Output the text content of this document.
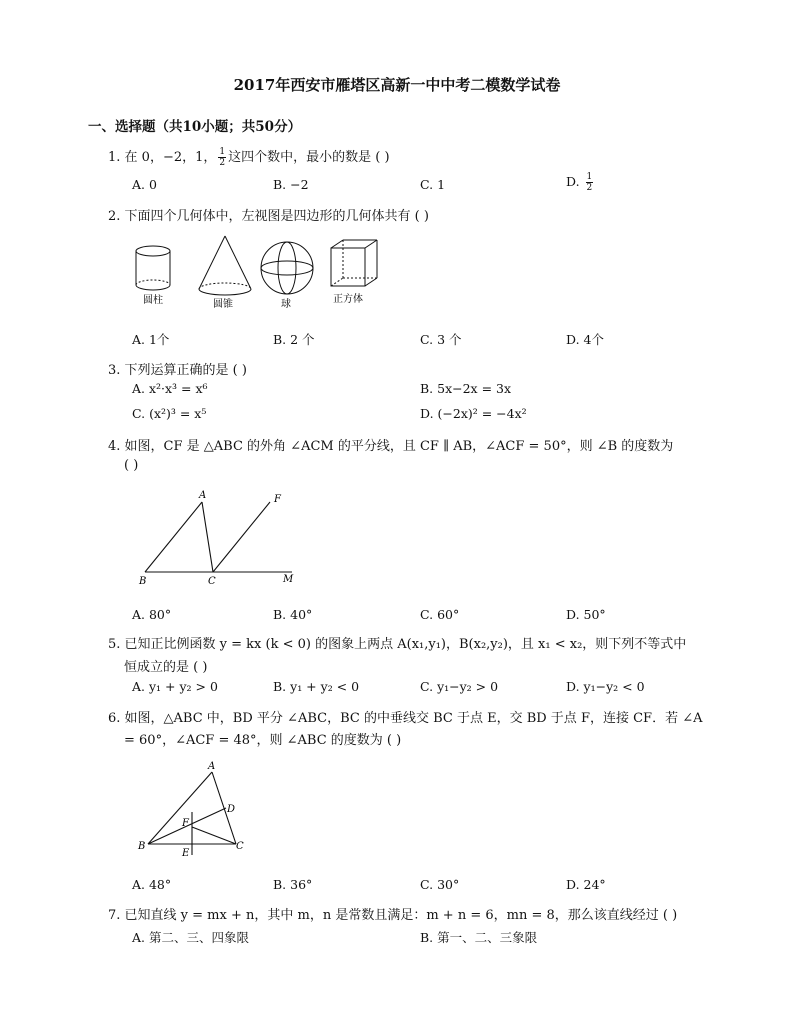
2017年西安市雁塔区高新一中中考二模数学试卷
一、选择题（共10小题；共50分）
1. 在 0，−2，1， $\frac{1}{2}$ 这四个数中，最小的数是 ( )
A. 0	B. −2	C. 1	D. $\frac{1}{2}$
2. 下面四个几何体中，左视图是四边形的几何体共有 ( )
圆柱	圆锥	球	正方体
A. 1个	B. 2 个	C. 3 个	D. 4个
3. 下列运算正确的是 ( )
A. x²·x³ = x⁶	B. 5x−2x = 3x
C. (x²)³ = x⁵	D. (−2x)² = −4x²
4. 如图，CF 是 △ABC 的外角 ∠ACM 的平分线，且 CF ∥ AB，∠ACF = 50°，则 ∠B 的度数为
( )
A
B	C
F
M
A. 80°	B. 40°	C. 60°	D. 50°
5. 已知正比例函数 y = kx (k < 0) 的图象上两点 A(x₁,y₁)，B(x₂,y₂)，且 x₁ < x₂，则下列不等式中
恒成立的是 ( )
A. y₁ + y₂ > 0	B. y₁ + y₂ < 0	C. y₁−y₂ > 0	D. y₁−y₂ < 0
6. 如图，△ABC 中，BD 平分 ∠ABC，BC 的中垂线交 BC 于点 E，交 BD 于点 F，连接 CF．若 ∠A
= 60°，∠ACF = 48°，则 ∠ABC 的度数为 ( )
A
B	C
D
E
F
A. 48°	B. 36°	C. 30°	D. 24°
7. 已知直线 y = mx + n，其中 m，n 是常数且满足：m + n = 6，mn = 8，那么该直线经过 ( )
A. 第二、三、四象限	B. 第一、二、三象限
